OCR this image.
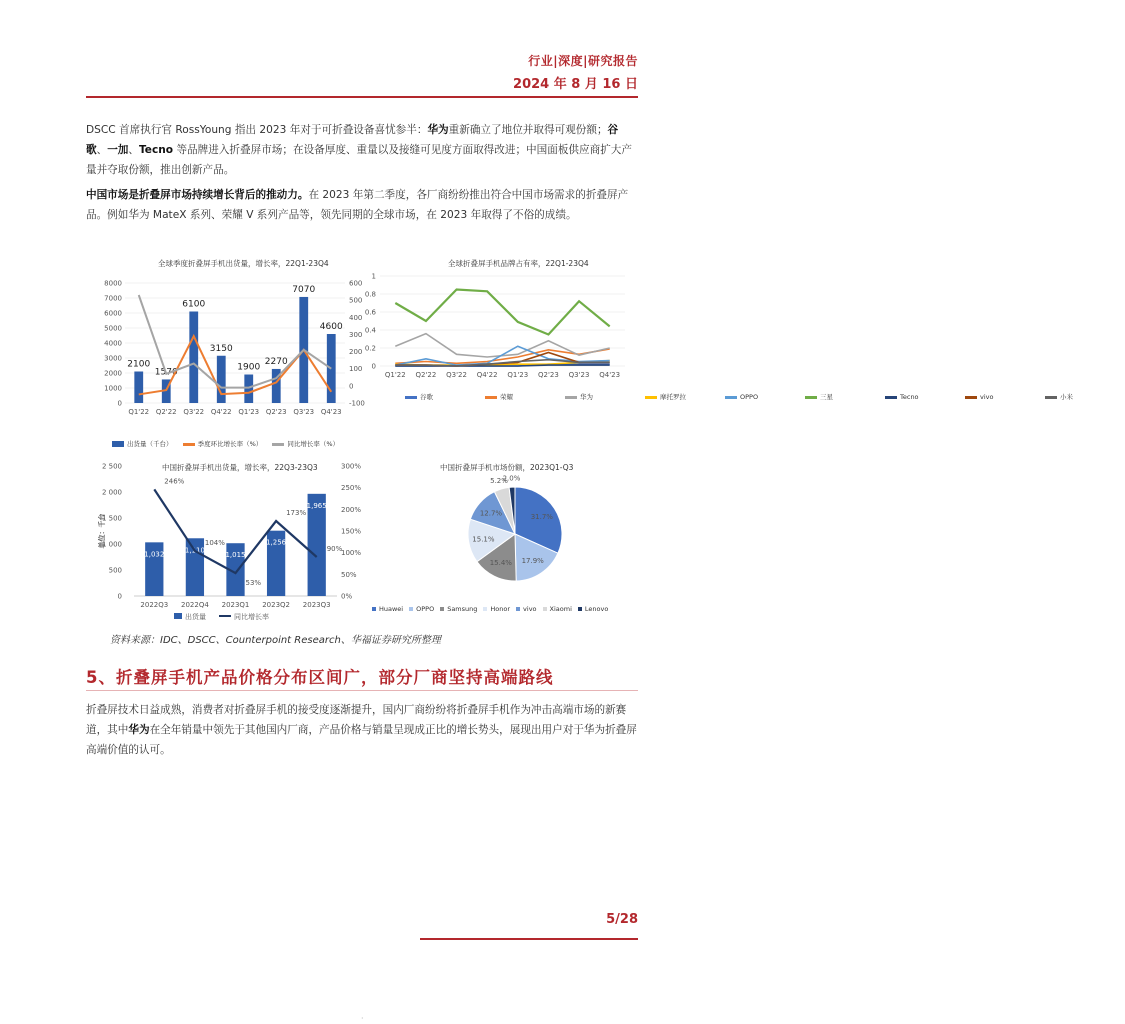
行业|深度|研究报告
2024 年 8 月 16 日
DSCC 首席执行官 RossYoung 指出 2023 年对于可折叠设备喜忧参半：华为重新确立了地位并取得可观份额；谷歌、一加、Tecno 等品牌进入折叠屏市场；在设备厚度、重量以及接缝可见度方面取得改进；中国面板供应商扩大产量并夺取份额，推出创新产品。
中国市场是折叠屏市场持续增长背后的推动力。在 2023 年第二季度，各厂商纷纷推出符合中国市场需求的折叠屏产品。例如华为 MateX 系列、荣耀 V 系列产品等，领先同期的全球市场，在 2023 年取得了不俗的成绩。
全球季度折叠屏手机出货量，增长率，22Q1-23Q4
0
1000
2000
3000
4000
5000
6000
7000
8000
-100
0
100
200
300
400
500
600
2100
Q1'22
1570
Q2'22
6100
Q3'22
3150
Q4'22
1900
Q1'23
2270
Q2'23
7070
Q3'23
4600
Q4'23
出货量（千台）	季度环比增长率（%）	同比增长率（%）
全球折叠屏手机品牌占有率，22Q1-23Q4
0
0.2
0.4
0.6
0.8
1
Q1'22 Q2'22 Q3'22 Q4'22 Q1'23 Q2'23 Q3'23 Q4'23
谷歌	荣耀	华为	摩托罗拉	OPPO	三星	Tecno	vivo	小米
中国折叠屏手机出货量，增长率，22Q3-23Q3
0
500
1 000
1 500
2 000
2 500
0%
50%
100%
150%
200%
250%
300%
单位：千台
1,032
2022Q3
1,110
2022Q4
1,015
2023Q1
1,256
2023Q2
1,965
2023Q3
246%
104%
53%
173%
90%
出货量	同比增长率
中国折叠屏手机市场份额，2023Q1-Q3
31.7%
17.9%
15.4%
15.1%
12.7%
5.2%
2.0%
Huawei OPPO Samsung Honor vivo Xiaomi Lenovo
资料来源：IDC、DSCC、Counterpoint Research、华福证券研究所整理
5、折叠屏手机产品价格分布区间广，部分厂商坚持高端路线
折叠屏技术日益成熟，消费者对折叠屏手机的接受度逐渐提升，国内厂商纷纷将折叠屏手机作为冲击高端市场的新赛道，其中华为在全年销量中领先于其他国内厂商，产品价格与销量呈现成正比的增长势头，展现出用户对于华为折叠屏高端价值的认可。
5/28
·
